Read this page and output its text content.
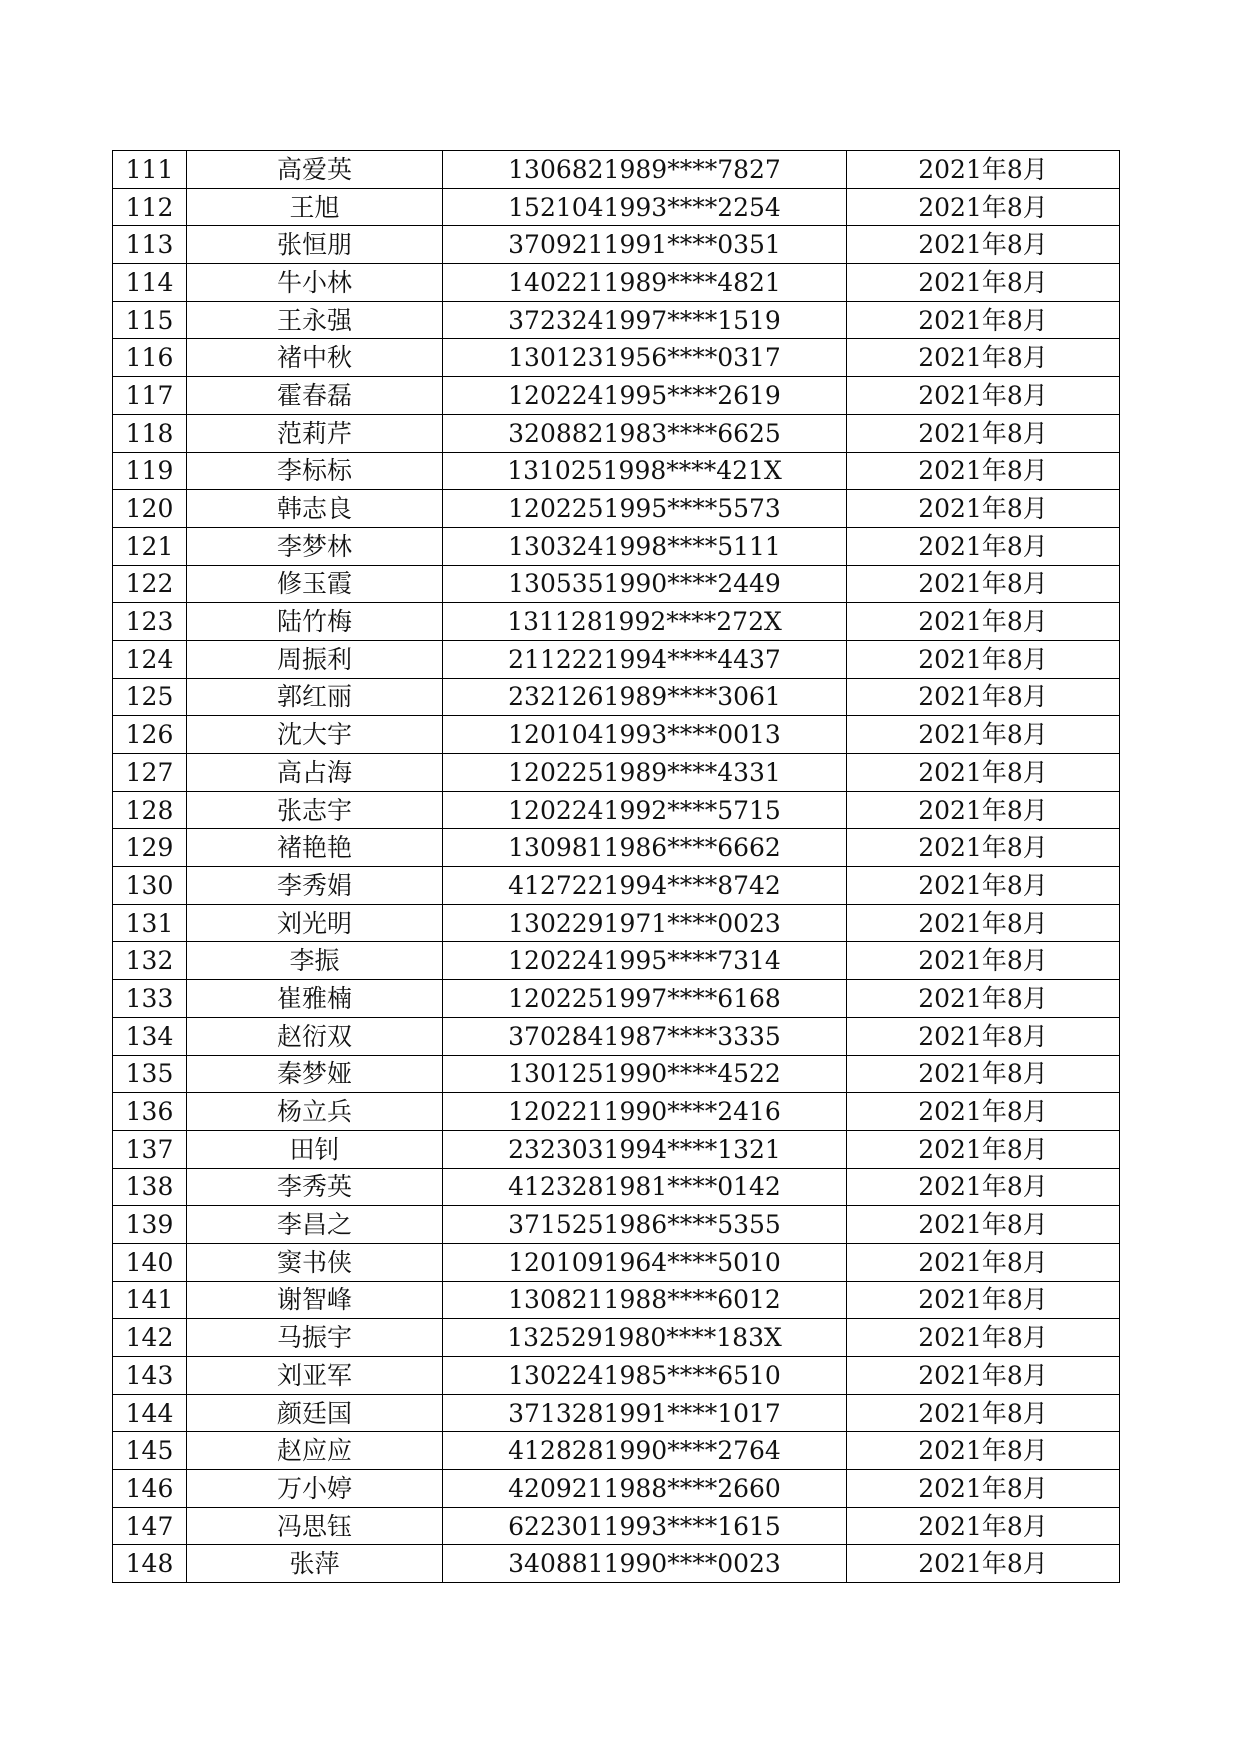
111	高爱英	1306821989****7827	2021年8月
112	王旭	1521041993****2254	2021年8月
113	张恒朋	3709211991****0351	2021年8月
114	牛小林	1402211989****4821	2021年8月
115	王永强	3723241997****1519	2021年8月
116	褚中秋	1301231956****0317	2021年8月
117	霍春磊	1202241995****2619	2021年8月
118	范莉芹	3208821983****6625	2021年8月
119	李标标	1310251998****421X	2021年8月
120	韩志良	1202251995****5573	2021年8月
121	李梦林	1303241998****5111	2021年8月
122	修玉霞	1305351990****2449	2021年8月
123	陆竹梅	1311281992****272X	2021年8月
124	周振利	2112221994****4437	2021年8月
125	郭红丽	2321261989****3061	2021年8月
126	沈大宇	1201041993****0013	2021年8月
127	高占海	1202251989****4331	2021年8月
128	张志宇	1202241992****5715	2021年8月
129	褚艳艳	1309811986****6662	2021年8月
130	李秀娟	4127221994****8742	2021年8月
131	刘光明	1302291971****0023	2021年8月
132	李振	1202241995****7314	2021年8月
133	崔雅楠	1202251997****6168	2021年8月
134	赵衍双	3702841987****3335	2021年8月
135	秦梦娅	1301251990****4522	2021年8月
136	杨立兵	1202211990****2416	2021年8月
137	田钊	2323031994****1321	2021年8月
138	李秀英	4123281981****0142	2021年8月
139	李昌之	3715251986****5355	2021年8月
140	窦书侠	1201091964****5010	2021年8月
141	谢智峰	1308211988****6012	2021年8月
142	马振宇	1325291980****183X	2021年8月
143	刘亚军	1302241985****6510	2021年8月
144	颜廷国	3713281991****1017	2021年8月
145	赵应应	4128281990****2764	2021年8月
146	万小婷	4209211988****2660	2021年8月
147	冯思钰	6223011993****1615	2021年8月
148	张萍	3408811990****0023	2021年8月
